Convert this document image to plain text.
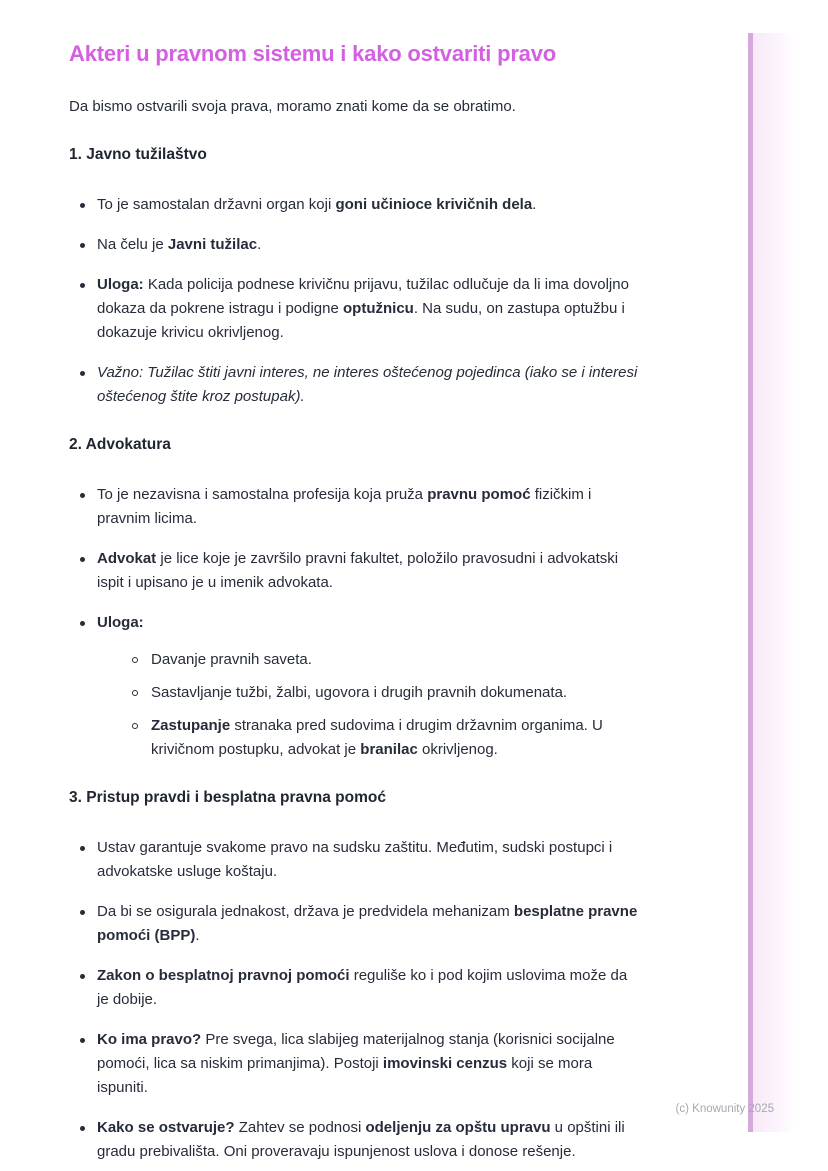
Akteri u pravnom sistemu i kako ostvariti pravo

Da bismo ostvarili svoja prava, moramo znati kome da se obratimo.

1. Javno tužilaštvo
To je samostalan državni organ koji goni učinioce krivičnih dela.
Na čelu je Javni tužilac.
Uloga: Kada policija podnese krivičnu prijavu, tužilac odlučuje da li ima dovoljno dokaza da pokrene istragu i podigne optužnicu. Na sudu, on zastupa optužbu i dokazuje krivicu okrivljenog.
Važno: Tužilac štiti javni interes, ne interes oštećenog pojedinca (iako se i interesi oštećenog štite kroz postupak).
2. Advokatura
To je nezavisna i samostalna profesija koja pruža pravnu pomoć fizičkim i pravnim licima.
Advokat je lice koje je završilo pravni fakultet, položilo pravosudni i advokatski ispit i upisano je u imenik advokata.
Uloga:
Davanje pravnih saveta.
Sastavljanje tužbi, žalbi, ugovora i drugih pravnih dokumenata.
Zastupanje stranaka pred sudovima i drugim državnim organima. U krivičnom postupku, advokat je branilac okrivljenog.
3. Pristup pravdi i besplatna pravna pomoć
Ustav garantuje svakome pravo na sudsku zaštitu. Međutim, sudski postupci i advokatske usluge koštaju.
Da bi se osigurala jednakost, država je predvidela mehanizam besplatne pravne pomoći (BPP).
Zakon o besplatnoj pravnoj pomoći reguliše ko i pod kojim uslovima može da je dobije.
Ko ima pravo? Pre svega, lica slabijeg materijalnog stanja (korisnici socijalne pomoći, lica sa niskim primanjima). Postoji imovinski cenzus koji se mora ispuniti.
Kako se ostvaruje? Zahtev se podnosi odeljenju za opštu upravu u opštini ili gradu prebivališta. Oni proveravaju ispunjenost uslova i donose rešenje.
(c) Knowunity 2025
